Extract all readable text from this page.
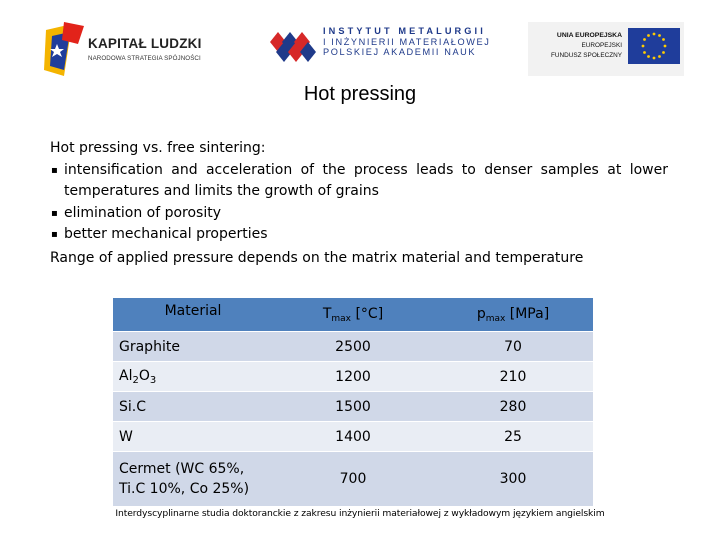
KAPITAŁ LUDZKI
NARODOWA STRATEGIA SPÓJNOŚCI
INSTYTUT METALURGII
I INŻYNIERII MATERIAŁOWEJ
POLSKIEJ AKADEMII NAUK
UNIA EUROPEJSKA
EUROPEJSKI
FUNDUSZ SPOŁECZNY
Hot pressing
Hot pressing vs. free sintering:
▪ intensification and acceleration of the process leads to denser samples at lower
temperatures and limits the growth of grains
▪ elimination of porosity
▪ better mechanical properties
Range of applied pressure depends on the matrix material and temperature
Material	$T_{max}$ [°C]	$p_{max}$ [MPa]
Graphite	2500	70
$Al_2O_3$	1200	210
Si.C	1500	280
W	1400	25

Cermet (WC 65%,
Ti.C 10%, Co 25%)	700	300
Interdyscyplinarne studia doktoranckie z zakresu inżynierii materiałowej z wykładowym językiem angielskim
